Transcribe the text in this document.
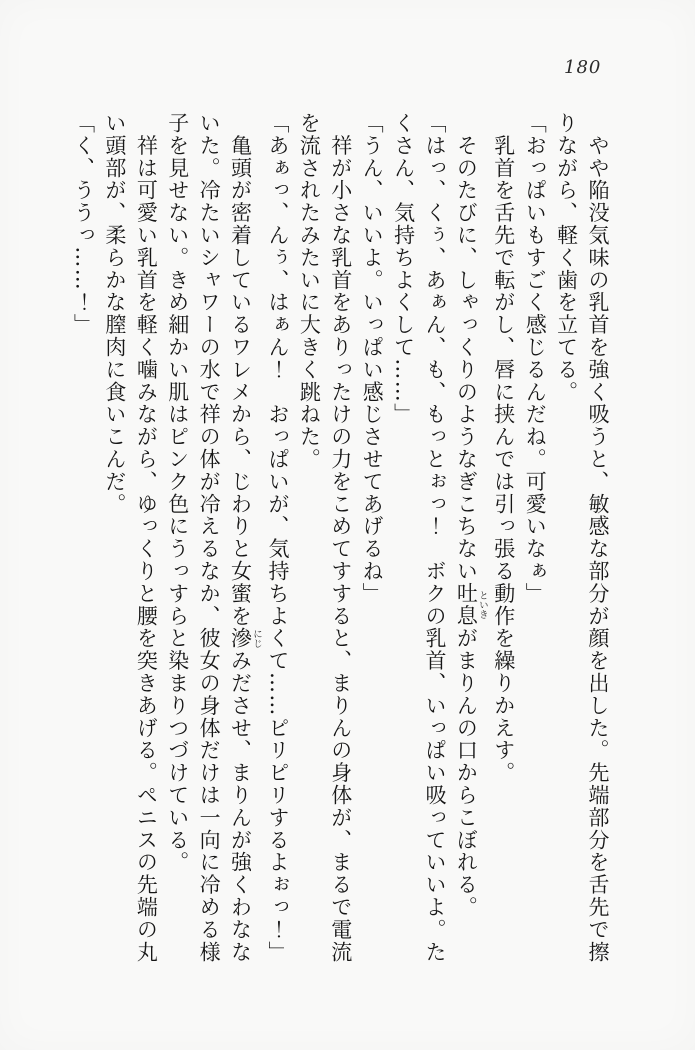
180

　やや陥没気味の乳首を強く吸うと、敏感な部分が顔を出した。先端部分を舌先で擦りながら、軽く歯を立てる。

「おっぱいもすごく感じるんだね。可愛いなぁ」

　乳首を舌先で転がし、唇に挟んでは引っ張る動作を繰りかえす。

　そのたびに、しゃっくりのようなぎこちない吐息といきがまりんの口からこぼれる。

「はっ、くぅ、あぁん、も、もっとぉっ！　ボクの乳首、いっぱい吸っていいよ。たくさん、気持ちよくして……」

「うん、いいよ。いっぱい感じさせてあげるね」

　祥が小さな乳首をありったけの力をこめてすすると、まりんの身体が、まるで電流を流されたみたいに大きく跳ねた。

「あぁっ、んぅ、はぁん！　おっぱいが、気持ちよくて……ピリピリするよぉっ！」

　亀頭が密着しているワレメから、じわりと女蜜を滲にじみださせ、まりんが強くわなないた。冷たいシャワーの水で祥の体が冷えるなか、彼女の身体だけは一向に冷める様子を見せない。きめ細かい肌はピンク色にうっすらと染まりつづけている。

　祥は可愛い乳首を軽く噛みながら、ゆっくりと腰を突きあげる。ペニスの先端の丸い頭部が、柔らかな膣肉に食いこんだ。

「く、ううっ……！」
